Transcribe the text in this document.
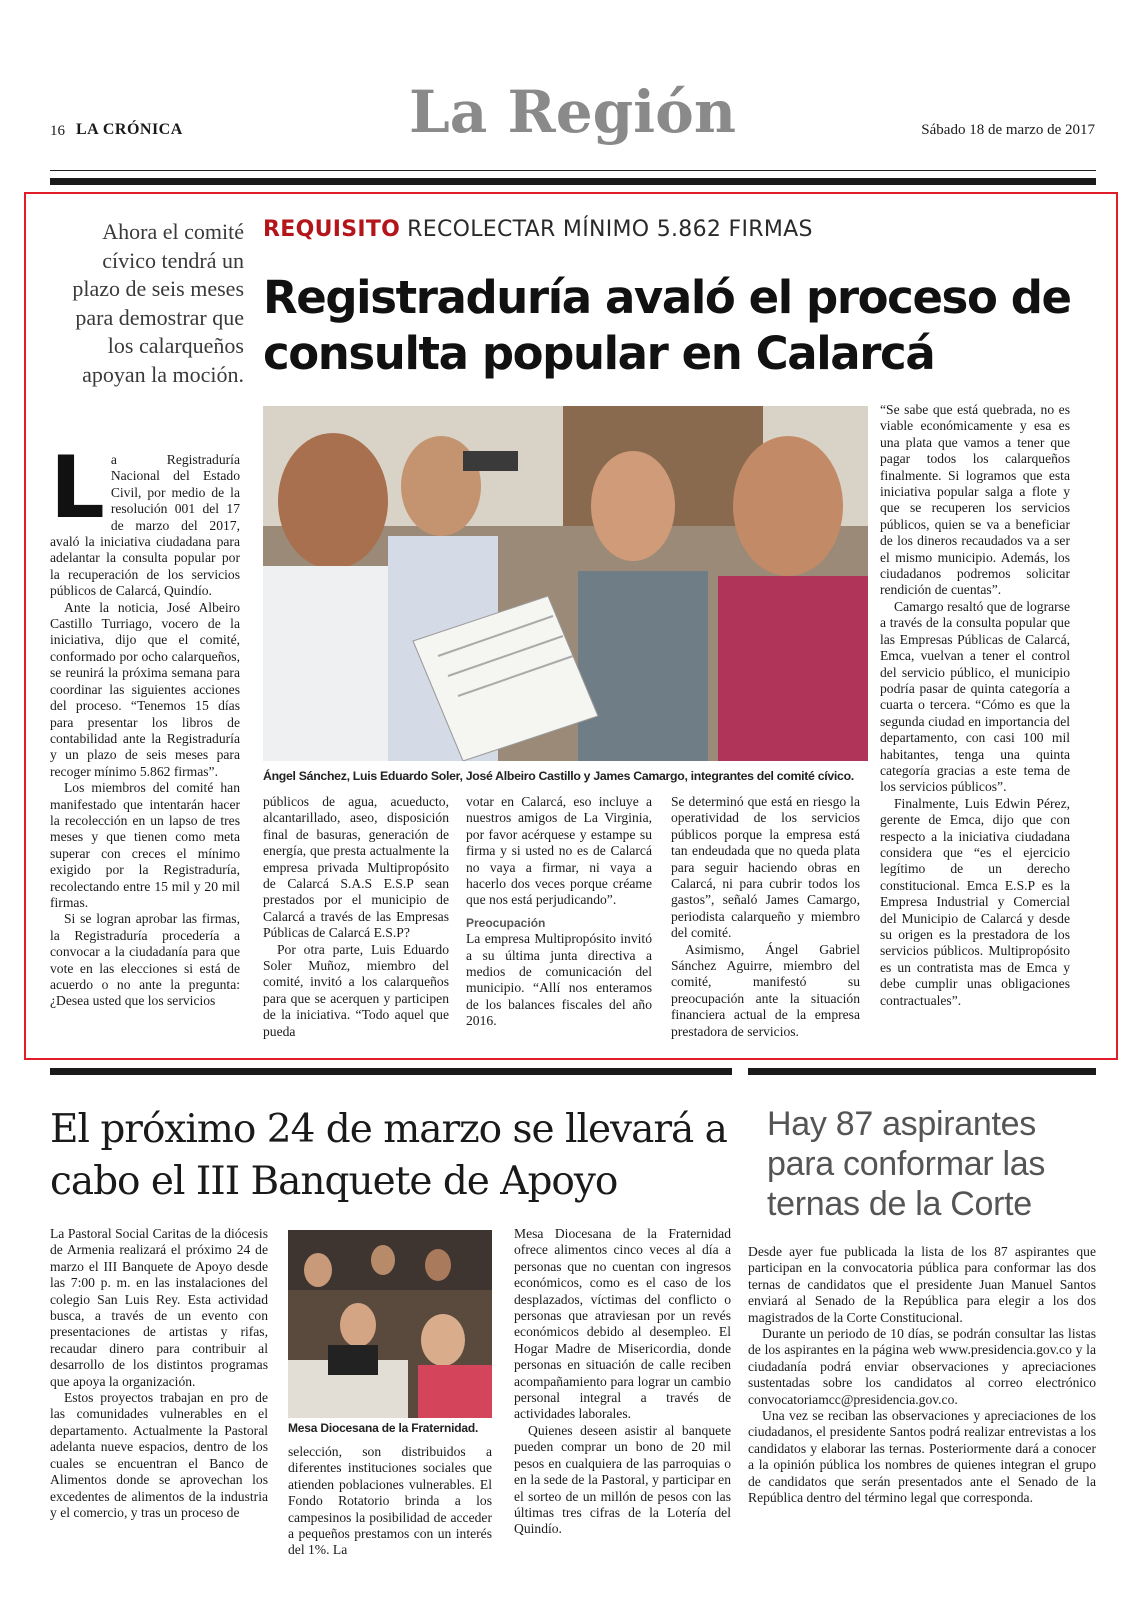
16 LA CRÓNICA	La Región	Sábado 18 de marzo de 2017
Ahora el comité cívico tendrá un plazo de seis meses para demostrar que los calarqueños apoyan la moción.
REQUISITO RECOLECTAR MÍNIMO 5.862 FIRMAS
Registraduría avaló el proceso de consulta popular en Calarcá

La Registraduría Nacional del Estado Civil, por medio de la resolución 001 del 17 de marzo del 2017, avaló la iniciativa ciudadana para adelantar la consulta popular por la recuperación de los servicios públicos de Calarcá, Quindío.

Ante la noticia, José Albeiro Castillo Turriago, vocero de la iniciativa, dijo que el comité, conformado por ocho calarqueños, se reunirá la próxima semana para coordinar las siguientes acciones del proceso. “Tenemos 15 días para presentar los libros de contabilidad ante la Registraduría y un plazo de seis meses para recoger mínimo 5.862 firmas”.

Los miembros del comité han manifestado que intentarán hacer la recolección en un lapso de tres meses y que tienen como meta superar con creces el mínimo exigido por la Registraduría, recolectando entre 15 mil y 20 mil firmas.

Si se logran aprobar las firmas, la Registraduría procedería a convocar a la ciudadanía para que vote en las elecciones si está de acuerdo o no ante la pregunta: ¿Desea usted que los servicios

Ángel Sánchez, Luis Eduardo Soler, José Albeiro Castillo y James Camargo, integrantes del comité cívico.

públicos de agua, acueducto, alcantarillado, aseo, disposición final de basuras, generación de energía, que presta actualmente la empresa privada Multipropósito de Calarcá S.A.S E.S.P sean prestados por el municipio de Calarcá a través de las Empresas Públicas de Calarcá E.S.P?

Por otra parte, Luis Eduardo Soler Muñoz, miembro del comité, invitó a los calarqueños para que se acerquen y participen de la iniciativa. “Todo aquel que pueda

votar en Calarcá, eso incluye a nuestros amigos de La Virginia, por favor acérquese y estampe su firma y si usted no es de Calarcá no vaya a firmar, ni vaya a hacerlo dos veces porque créame que nos está perjudicando”.

Preocupación

La empresa Multipropósito invitó a su última junta directiva a medios de comunicación del municipio. “Allí nos enteramos de los balances fiscales del año 2016.

Se determinó que está en riesgo la operatividad de los servicios públicos porque la empresa está tan endeudada que no queda plata para seguir haciendo obras en Calarcá, ni para cubrir todos los gastos”, señaló James Camargo, periodista calarqueño y miembro del comité.

Asimismo, Ángel Gabriel Sánchez Aguirre, miembro del comité, manifestó su preocupación ante la situación financiera actual de la empresa prestadora de servicios.

“Se sabe que está quebrada, no es viable económicamente y esa es una plata que vamos a tener que pagar todos los calarqueños finalmente. Si logramos que esta iniciativa popular salga a flote y que se recuperen los servicios públicos, quien se va a beneficiar de los dineros recaudados va a ser el mismo municipio. Además, los ciudadanos podremos solicitar rendición de cuentas”.

Camargo resaltó que de lograrse a través de la consulta popular que las Empresas Públicas de Calarcá, Emca, vuelvan a tener el control del servicio público, el municipio podría pasar de quinta categoría a cuarta o tercera. “Cómo es que la segunda ciudad en importancia del departamento, con casi 100 mil habitantes, tenga una quinta categoría gracias a este tema de los servicios públicos”.

Finalmente, Luis Edwin Pérez, gerente de Emca, dijo que con respecto a la iniciativa ciudadana considera que “es el ejercicio legítimo de un derecho constitucional. Emca E.S.P es la Empresa Industrial y Comercial del Municipio de Calarcá y desde su origen es la prestadora de los servicios públicos. Multipropósito es un contratista mas de Emca y debe cumplir unas obligaciones contractuales”.

El próximo 24 de marzo se llevará a cabo el III Banquete de Apoyo

La Pastoral Social Caritas de la diócesis de Armenia realizará el próximo 24 de marzo el III Banquete de Apoyo desde las 7:00 p. m. en las instalaciones del colegio San Luis Rey. Esta actividad busca, a través de un evento con presentaciones de artistas y rifas, recaudar dinero para contribuir al desarrollo de los distintos programas que apoya la organización.

Estos proyectos trabajan en pro de las comunidades vulnerables en el departamento. Actualmente la Pastoral adelanta nueve espacios, dentro de los cuales se encuentran el Banco de Alimentos donde se aprovechan los excedentes de alimentos de la industria y el comercio, y tras un proceso de

Mesa Diocesana de la Fraternidad.

selección, son distribuidos a diferentes instituciones sociales que atienden poblaciones vulnerables. El Fondo Rotatorio brinda a los campesinos la posibilidad de acceder a pequeños prestamos con un interés del 1%. La

Mesa Diocesana de la Fraternidad ofrece alimentos cinco veces al día a personas que no cuentan con ingresos económicos, como es el caso de los desplazados, víctimas del conflicto o personas que atraviesan por un revés económicos debido al desempleo. El Hogar Madre de Misericordia, donde personas en situación de calle reciben acompañamiento para lograr un cambio personal integral a través de actividades laborales.

Quienes deseen asistir al banquete pueden comprar un bono de 20 mil pesos en cualquiera de las parroquias o en la sede de la Pastoral, y participar en el sorteo de un millón de pesos con las últimas tres cifras de la Lotería del Quindío.

Hay 87 aspirantes para conformar las ternas de la Corte

Desde ayer fue publicada la lista de los 87 aspirantes que participan en la convocatoria pública para conformar las dos ternas de candidatos que el presidente Juan Manuel Santos enviará al Senado de la República para elegir a los dos magistrados de la Corte Constitucional.

Durante un periodo de 10 días, se podrán consultar las listas de los aspirantes en la página web www.presidencia.gov.co y la ciudadanía podrá enviar observaciones y apreciaciones sustentadas sobre los candidatos al correo electrónico convocatoriamcc@presidencia.gov.co.

Una vez se reciban las observaciones y apreciaciones de los ciudadanos, el presidente Santos podrá realizar entrevistas a los candidatos y elaborar las ternas. Posteriormente dará a conocer a la opinión pública los nombres de quienes integran el grupo de candidatos que serán presentados ante el Senado de la República dentro del término legal que corresponda.
